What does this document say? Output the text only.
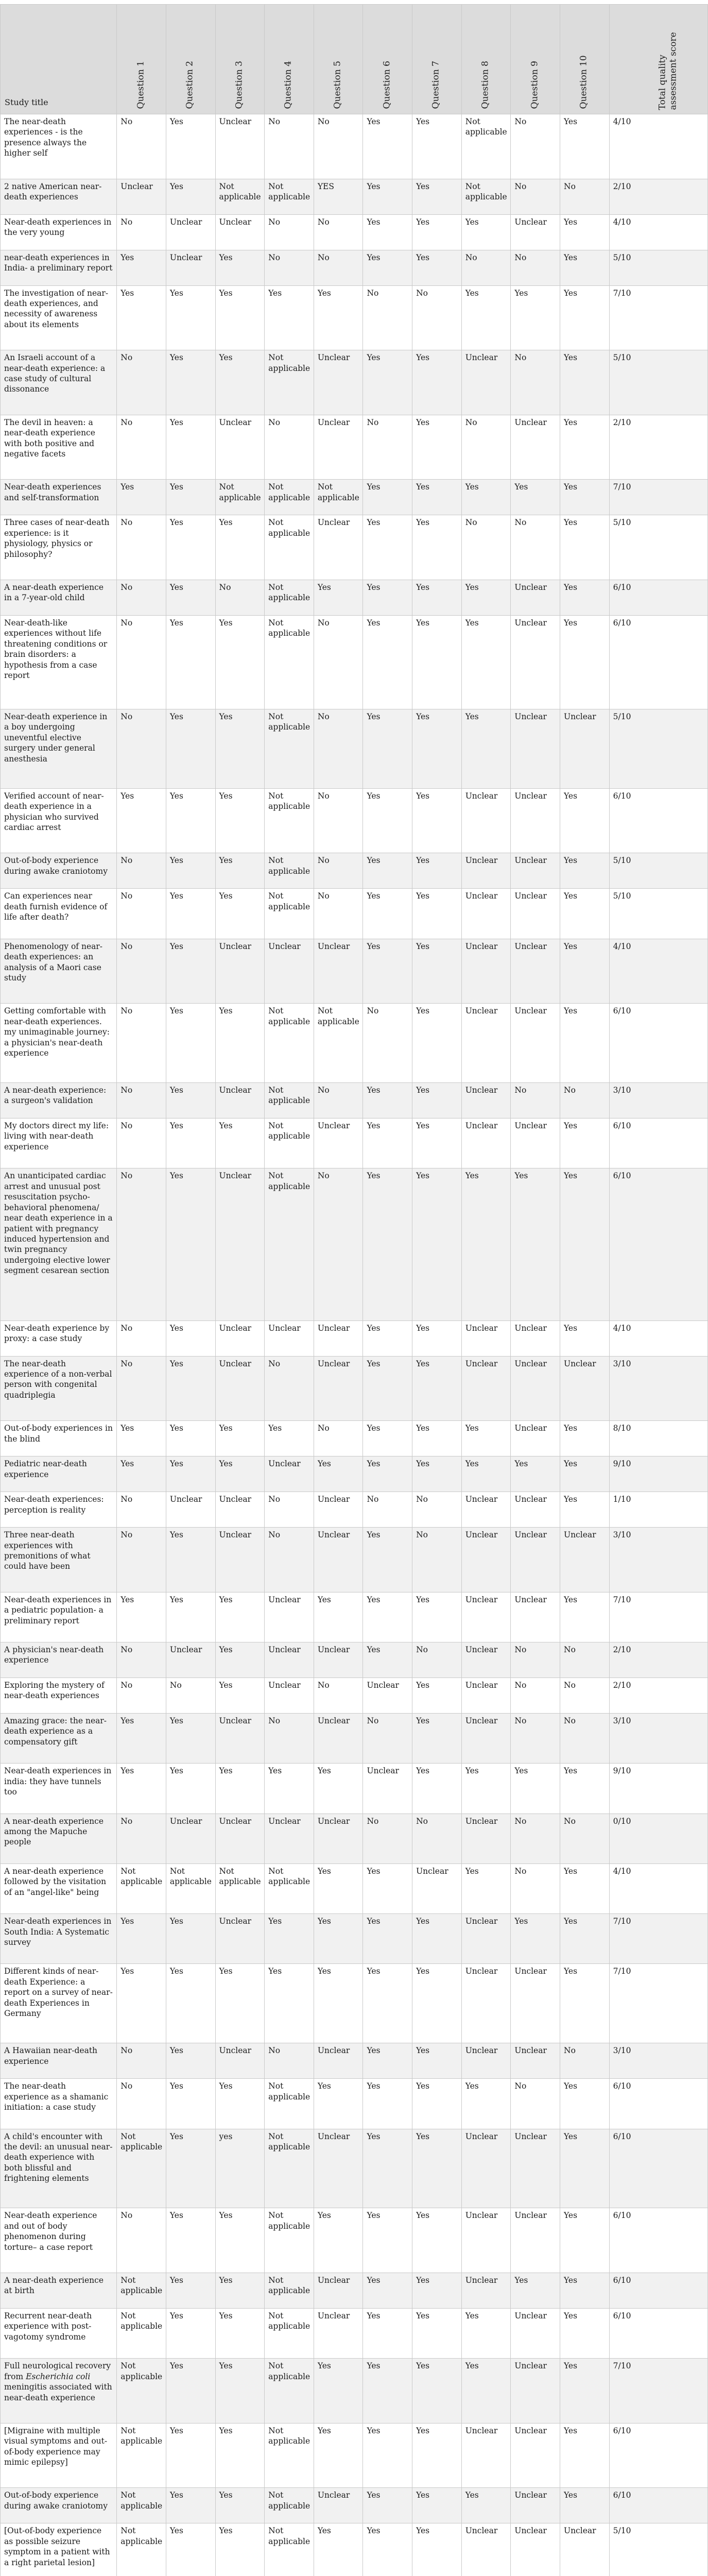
Study title	Question 1	Question 2	Question 3	Question 4	Question 5	Question 6	Question 7	Question 8	Question 9	Question 10	Total quality assessment score

The near-death experiences - is the presence always the higher self	No	Yes	Unclear	No	No	Yes	Yes	Not applicable	No	Yes	4/10
2 native American near-death experiences	Unclear	Yes	Not applicable	Not applicable	YES	Yes	Yes	Not applicable	No	No	2/10
Near-death experiences in the very young	No	Unclear	Unclear	No	No	Yes	Yes	Yes	Unclear	Yes	4/10
near-death experiences in India- a preliminary report	Yes	Unclear	Yes	No	No	Yes	Yes	No	No	Yes	5/10
The investigation of near-death experiences, and necessity of awareness about its elements	Yes	Yes	Yes	Yes	Yes	No	No	Yes	Yes	Yes	7/10
An Israeli account of a near-death experience: a case study of cultural dissonance	No	Yes	Yes	Not applicable	Unclear	Yes	Yes	Unclear	No	Yes	5/10
The devil in heaven: a near-death experience with both positive and negative facets	No	Yes	Unclear	No	Unclear	No	Yes	No	Unclear	Yes	2/10
Near-death experiences and self-transformation	Yes	Yes	Not applicable	Not applicable	Not applicable	Yes	Yes	Yes	Yes	Yes	7/10
Three cases of near-death experience: is it physiology, physics or philosophy?	No	Yes	Yes	Not applicable	Unclear	Yes	Yes	No	No	Yes	5/10
A near-death experience in a 7-year-old child	No	Yes	No	Not applicable	Yes	Yes	Yes	Yes	Unclear	Yes	6/10
Near-death-like experiences without life threatening conditions or brain disorders: a hypothesis from a case report	No	Yes	Yes	Not applicable	No	Yes	Yes	Yes	Unclear	Yes	6/10
Near-death experience in a boy undergoing uneventful elective surgery under general anesthesia	No	Yes	Yes	Not applicable	No	Yes	Yes	Yes	Unclear	Unclear	5/10
Verified account of near-death experience in a physician who survived cardiac arrest	Yes	Yes	Yes	Not applicable	No	Yes	Yes	Unclear	Unclear	Yes	6/10
Out-of-body experience during awake craniotomy	No	Yes	Yes	Not applicable	No	Yes	Yes	Unclear	Unclear	Yes	5/10
Can experiences near death furnish evidence of life after death?	No	Yes	Yes	Not applicable	No	Yes	Yes	Unclear	Unclear	Yes	5/10
Phenomenology of near-death experiences: an analysis of a Maori case study	No	Yes	Unclear	Unclear	Unclear	Yes	Yes	Unclear	Unclear	Yes	4/10
Getting comfortable with near-death experiences. my unimaginable journey: a physician's near-death experience	No	Yes	Yes	Not applicable	Not applicable	No	Yes	Unclear	Unclear	Yes	6/10
A near-death experience: a surgeon's validation	No	Yes	Unclear	Not applicable	No	Yes	Yes	Unclear	No	No	3/10
My doctors direct my life: living with near-death experience	No	Yes	Yes	Not applicable	Unclear	Yes	Yes	Unclear	Unclear	Yes	6/10
An unanticipated cardiac arrest and unusual post resuscitation psycho-behavioral phenomena/ near death experience in a patient with pregnancy induced hypertension and twin pregnancy undergoing elective lower segment cesarean section	No	Yes	Unclear	Not applicable	No	Yes	Yes	Yes	Yes	Yes	6/10
Near-death experience by proxy: a case study	No	Yes	Unclear	Unclear	Unclear	Yes	Yes	Unclear	Unclear	Yes	4/10
The near-death experience of a non-verbal person with congenital quadriplegia	No	Yes	Unclear	No	Unclear	Yes	Yes	Unclear	Unclear	Unclear	3/10
Out-of-body experiences in the blind	Yes	Yes	Yes	Yes	No	Yes	Yes	Yes	Unclear	Yes	8/10
Pediatric near-death experience	Yes	Yes	Yes	Unclear	Yes	Yes	Yes	Yes	Yes	Yes	9/10
Near-death experiences: perception is reality	No	Unclear	Unclear	No	Unclear	No	No	Unclear	Unclear	Yes	1/10
Three near-death experiences with premonitions of what could have been	No	Yes	Unclear	No	Unclear	Yes	No	Unclear	Unclear	Unclear	3/10
Near-death experiences in a pediatric population- a preliminary report	Yes	Yes	Yes	Unclear	Yes	Yes	Yes	Unclear	Unclear	Yes	7/10
A physician's near-death experience	No	Unclear	Yes	Unclear	Unclear	Yes	No	Unclear	No	No	2/10
Exploring the mystery of near-death experiences	No	No	Yes	Unclear	No	Unclear	Yes	Unclear	No	No	2/10
Amazing grace: the near-death experience as a compensatory gift	Yes	Yes	Unclear	No	Unclear	No	Yes	Unclear	No	No	3/10
Near-death experiences in india: they have tunnels too	Yes	Yes	Yes	Yes	Yes	Unclear	Yes	Yes	Yes	Yes	9/10
A near-death experience among the Mapuche people	No	Unclear	Unclear	Unclear	Unclear	No	No	Unclear	No	No	0/10
A near-death experience followed by the visitation of an "angel-like" being	Not applicable	Not applicable	Not applicable	Not applicable	Yes	Yes	Unclear	Yes	No	Yes	4/10
Near-death experiences in South India: A Systematic survey	Yes	Yes	Unclear	Yes	Yes	Yes	Yes	Unclear	Yes	Yes	7/10
Different kinds of near-death Experience: a report on a survey of near-death Experiences in Germany	Yes	Yes	Yes	Yes	Yes	Yes	Yes	Unclear	Unclear	Yes	7/10
A Hawaiian near-death experience	No	Yes	Unclear	No	Unclear	Yes	Yes	Unclear	Unclear	No	3/10
The near-death experience as a shamanic initiation: a case study	No	Yes	Yes	Not applicable	Yes	Yes	Yes	Yes	No	Yes	6/10
A child's encounter with the devil: an unusual near-death experience with both blissful and frightening elements	Not applicable	Yes	yes	Not applicable	Unclear	Yes	Yes	Unclear	Unclear	Yes	6/10
Near-death experience and out of body phenomenon during torture– a case report	No	Yes	Yes	Not applicable	Yes	Yes	Yes	Unclear	Unclear	Yes	6/10
A near-death experience at birth	Not applicable	Yes	Yes	Not applicable	Unclear	Yes	Yes	Unclear	Yes	Yes	6/10
Recurrent near-death experience with post-vagotomy syndrome	Not applicable	Yes	Yes	Not applicable	Unclear	Yes	Yes	Yes	Unclear	Yes	6/10
Full neurological recovery from Escherichia coli meningitis associated with near-death experience	Not applicable	Yes	Yes	Not applicable	Yes	Yes	Yes	Yes	Unclear	Yes	7/10
[Migraine with multiple visual symptoms and out-of-body experience may mimic epilepsy]	Not applicable	Yes	Yes	Not applicable	Yes	Yes	Yes	Unclear	Unclear	Yes	6/10
Out-of-body experience during awake craniotomy	Not applicable	Yes	Yes	Not applicable	Unclear	Yes	Yes	Yes	Unclear	Yes	6/10
[Out-of-body experience as possible seizure symptom in a patient with a right parietal lesion]	Not applicable	Yes	Yes	Not applicable	Yes	Yes	Yes	Unclear	Unclear	Unclear	5/10
